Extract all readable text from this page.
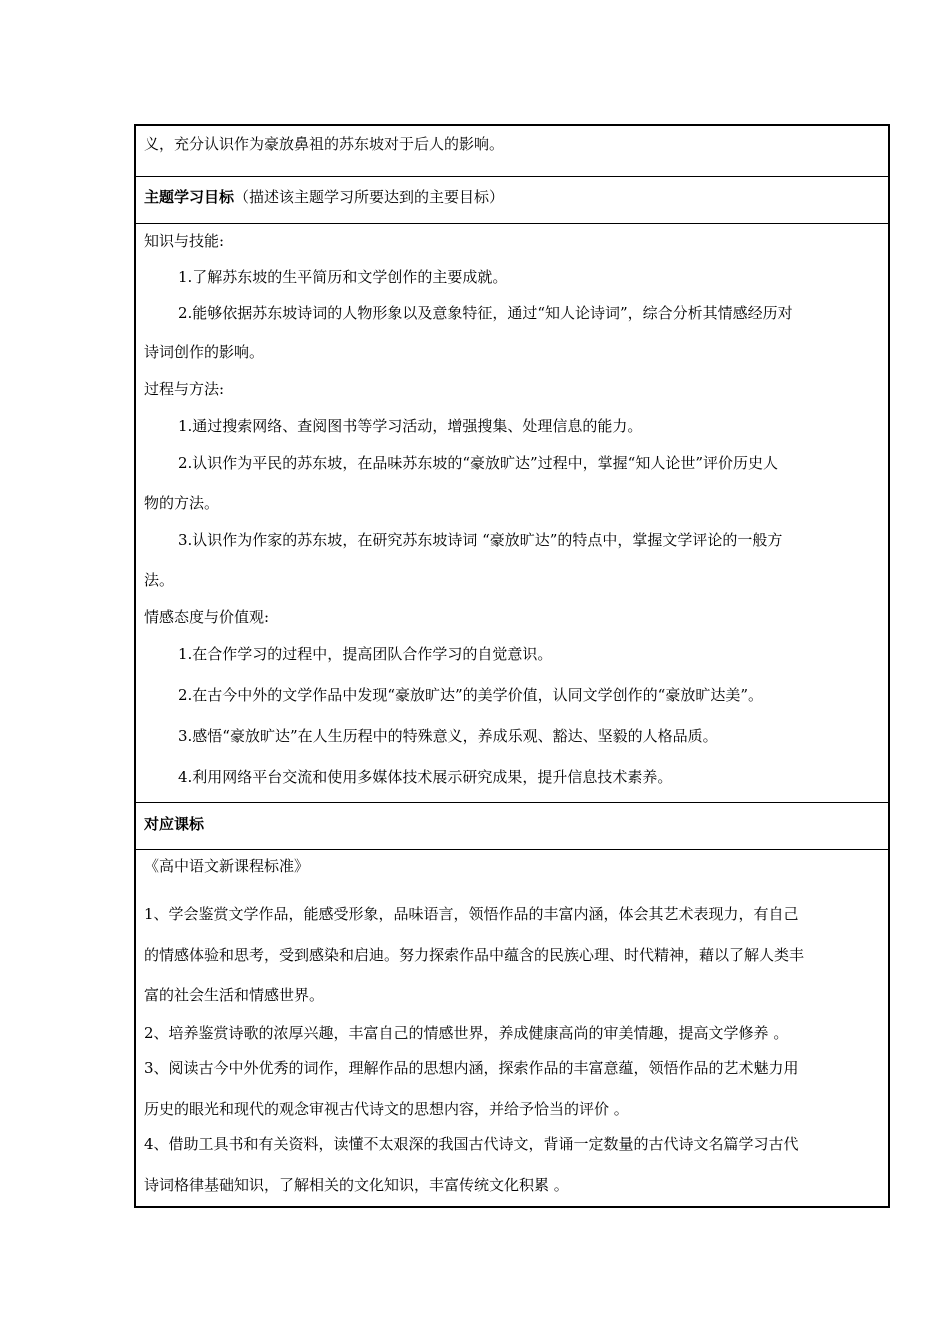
义，充分认识作为豪放鼻祖的苏东坡对于后人的影响。
主题学习目标（描述该主题学习所要达到的主要目标）
知识与技能:
1.了解苏东坡的生平简历和文学创作的主要成就。
2.能够依据苏东坡诗词的人物形象以及意象特征，通过“知人论诗词”，综合分析其情感经历对
诗词创作的影响。
过程与方法:
1.通过搜索网络、查阅图书等学习活动，增强搜集、处理信息的能力。
2.认识作为平民的苏东坡，在品味苏东坡的“豪放旷达”过程中，掌握“知人论世”评价历史人
物的方法。
3.认识作为作家的苏东坡，在研究苏东坡诗词 “豪放旷达”的特点中，掌握文学评论的一般方
法。
情感态度与价值观:
1.在合作学习的过程中，提高团队合作学习的自觉意识。
2.在古今中外的文学作品中发现“豪放旷达”的美学价值，认同文学创作的“豪放旷达美”。
3.感悟“豪放旷达”在人生历程中的特殊意义，养成乐观、豁达、坚毅的人格品质。
4.利用网络平台交流和使用多媒体技术展示研究成果，提升信息技术素养。
对应课标
《高中语文新课程标准》
1、学会鉴赏文学作品，能感受形象，品味语言，领悟作品的丰富内涵，体会其艺术表现力，有自己
的情感体验和思考，受到感染和启迪。努力探索作品中蕴含的民族心理、时代精神，藉以了解人类丰
富的社会生活和情感世界。
2、培养鉴赏诗歌的浓厚兴趣，丰富自己的情感世界，养成健康高尚的审美情趣，提高文学修养 。
3、阅读古今中外优秀的词作，理解作品的思想内涵，探索作品的丰富意蕴，领悟作品的艺术魅力用
历史的眼光和现代的观念审视古代诗文的思想内容，并给予恰当的评价 。
4、借助工具书和有关资料，读懂不太艰深的我国古代诗文，背诵一定数量的古代诗文名篇学习古代
诗词格律基础知识，了解相关的文化知识，丰富传统文化积累 。
